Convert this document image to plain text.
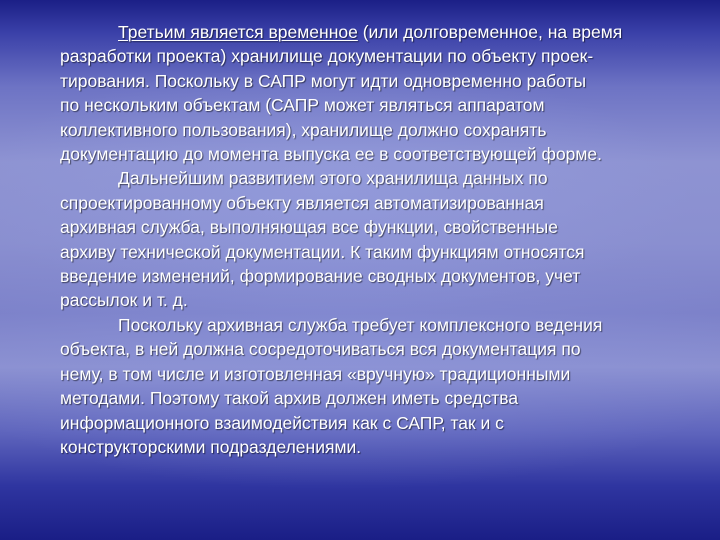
Третьим является временное (или долговременное, на время
разработки проекта) хранилище документации по объекту проек-
тирования. Поскольку в САПР могут идти одновременно работы
по нескольким объектам (САПР может являться аппаратом
коллективного пользования), хранилище должно сохранять
документацию до момента выпуска ее в соответствующей форме.
Дальнейшим развитием этого хранилища данных по
спроектированному объекту является автоматизированная
архивная служба, выполняющая все функции, свойственные
архиву технической документации. К таким функциям относятся
введение изменений, формирование сводных документов, учет
рассылок и т. д.
Поскольку архивная служба требует комплексного ведения
объекта, в ней должна сосредоточиваться вся документация по
нему, в том числе и изготовленная «вручную» традиционными
методами. Поэтому такой архив должен иметь средства
информационного взаимодействия как с САПР, так и с
конструкторскими подразделениями.
